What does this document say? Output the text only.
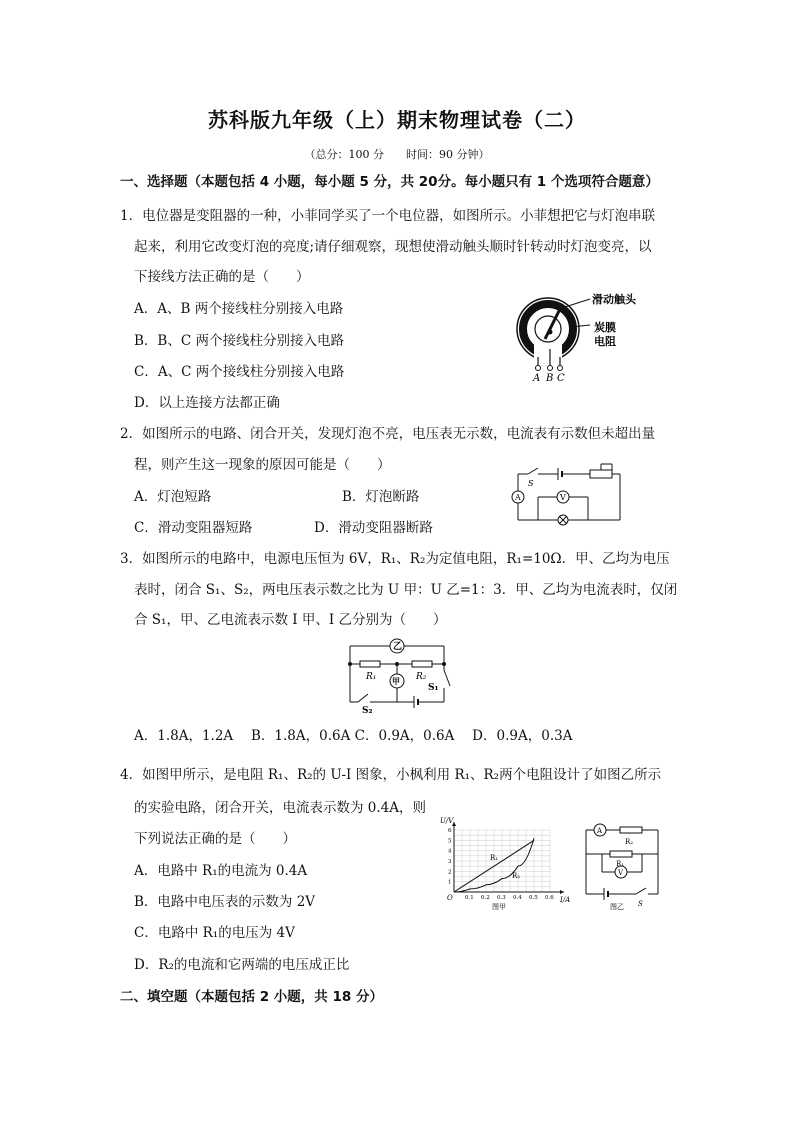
苏科版九年级（上）期末物理试卷（二）
（总分：100 分　　时间：90 分钟）
一、选择题（本题包括 4 小题，每小题 5 分，共 20分。每小题只有 1 个选项符合题意）
1．电位器是变阻器的一种，小菲同学买了一个电位器，如图所示。小菲想把它与灯泡串联
起来，利用它改变灯泡的亮度;请仔细观察，现想使滑动触头顺时针转动时灯泡变亮，以
下接线方法正确的是（　　）
A．A、B 两个接线柱分别接入电路
B．B、C 两个接线柱分别接入电路
C．A、C 两个接线柱分别接入电路
D．以上连接方法都正确
滑动触头
炭膜
电阻
A B C
2．如图所示的电路、闭合开关，发现灯泡不亮，电压表无示数，电流表有示数但未超出量
程，则产生这一现象的原因可能是（　　）
A．灯泡短路	B．灯泡断路
C．滑动变阻器短路	D．滑动变阻器断路
S
A	V
3．如图所示的电路中，电源电压恒为 6V，R₁、R₂为定值电阻，R₁=10Ω．甲、乙均为电压
表时，闭合 S₁、S₂，两电压表示数之比为 U 甲：U 乙=1：3．甲、乙均为电流表时，仅闭
合 S₁，甲、乙电流表示数 I 甲、I 乙分别为（　　）
乙
甲
R₁	R₂
S₁
S₂
A．1.8A，1.2A　 B．1.8A，0.6A C．0.9A，0.6A　 D．0.9A，0.3A
4．如图甲所示，是电阻 R₁、R₂的 U-I 图象，小枫利用 R₁、R₂两个电阻设计了如图乙所示
的实验电路，闭合开关，电流表示数为 0.4A，则
下列说法正确的是（　　）
A．电路中 R₁的电流为 0.4A
B．电路中电压表的示数为 2V
C．电路中 R₁的电压为 4V
D．R₂的电流和它两端的电压成正比
U/V
I/A
O
图甲
R₁
R₂
0.1 0.2 0.3 0.4 0.5 0.6
1
2
3
4
5
6	A
V
R₂
R₁
S
图乙
二、填空题（本题包括 2 小题，共 18 分）
